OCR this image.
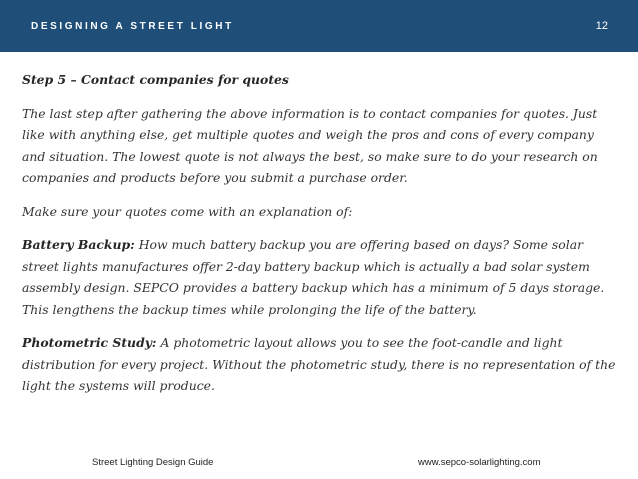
DESIGNING A STREET LIGHT	12

Step 5 – Contact companies for quotes

The last step after gathering the above information is to contact companies for quotes. Just like with anything else, get multiple quotes and weigh the pros and cons of every company and situation. The lowest quote is not always the best, so make sure to do your research on companies and products before you submit a purchase order.

Make sure your quotes come with an explanation of:

Battery Backup: How much battery backup you are offering based on days? Some solar street lights manufactures offer 2-day battery backup which is actually a bad solar system assembly design. SEPCO provides a battery backup which has a minimum of 5 days storage. This lengthens the backup times while prolonging the life of the battery.

Photometric Study: A photometric layout allows you to see the foot-candle and light distribution for every project. Without the photometric study, there is no representation of the light the systems will produce.

Street Lighting Design Guide	www.sepco-solarlighting.com
